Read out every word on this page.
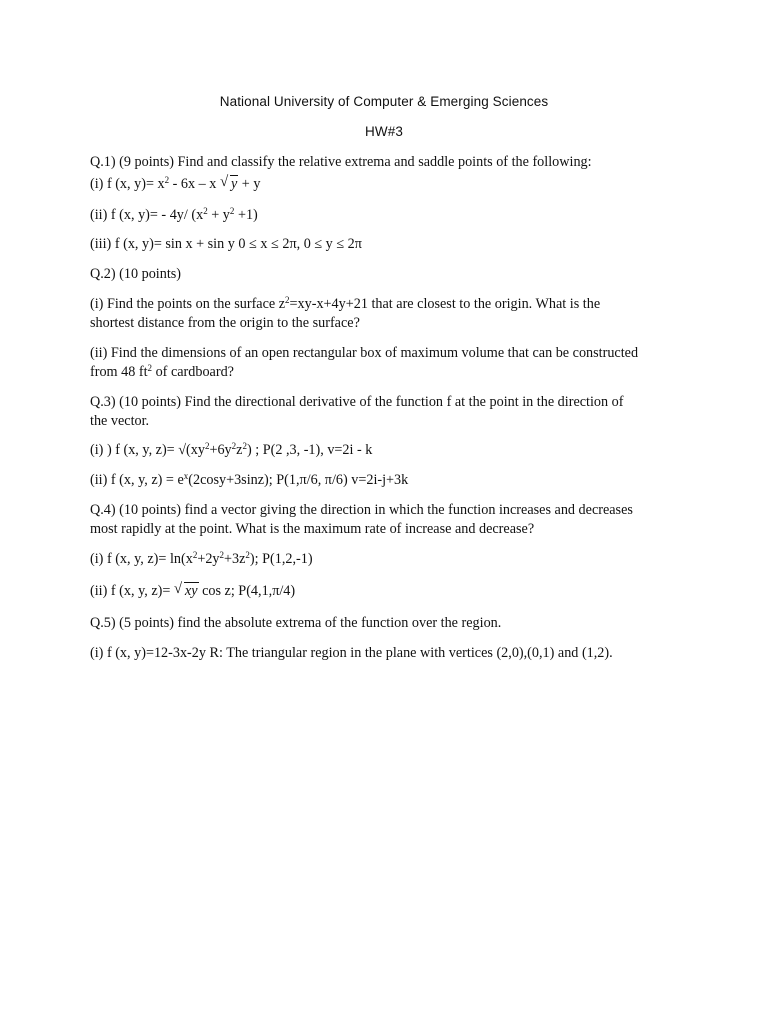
National University of Computer & Emerging Sciences
HW#3
Q.1) (9 points) Find and classify the relative extrema and saddle points of the following:
(i) f (x, $y)= x^2 - 6x - x$ √ y + y
(ii) f (x, y)= - 4y/ $(x^2 + y^2 +1)$
(iii) f (x, y)= sin x + sin y 0 ≤ x ≤ 2π, 0 ≤ y ≤ 2π
Q.2) (10 points)
(i) Find the points on the surface $z^2=xy-x+4y+21$ that are closest to the origin. What is the
shortest distance from the origin to the surface?
(ii) Find the dimensions of an open rectangular box of maximum volume that can be constructed
from 48 $ft^2$ of cardboard?
Q.3) (10 points) Find the directional derivative of the function f at the point in the direction of
the vector.
(i) ) f (x, y, $z)= √(xy^2+6y^2z^2)$ ; P(2 ,3, -1), v=2i - k
(ii) f (x, y, $z) = e^x(2\cos y+3\sin z)$; P(1,π/6, π/6) v=2i-j+3k
Q.4) (10 points) find a vector giving the direction in which the function increases and decreases
most rapidly at the point. What is the maximum rate of increase and decrease?
(i) f (x, y, $z)= \ln(x^2+2y^2+3z^2)$; P(1,2,-1)
(ii) f (x, y, z)= √ xy cos z; P(4,1,π/4)
Q.5) (5 points) find the absolute extrema of the function over the region.
(i) f (x, y)=12-3x-2y R: The triangular region in the plane with vertices (2,0),(0,1) and (1,2).
